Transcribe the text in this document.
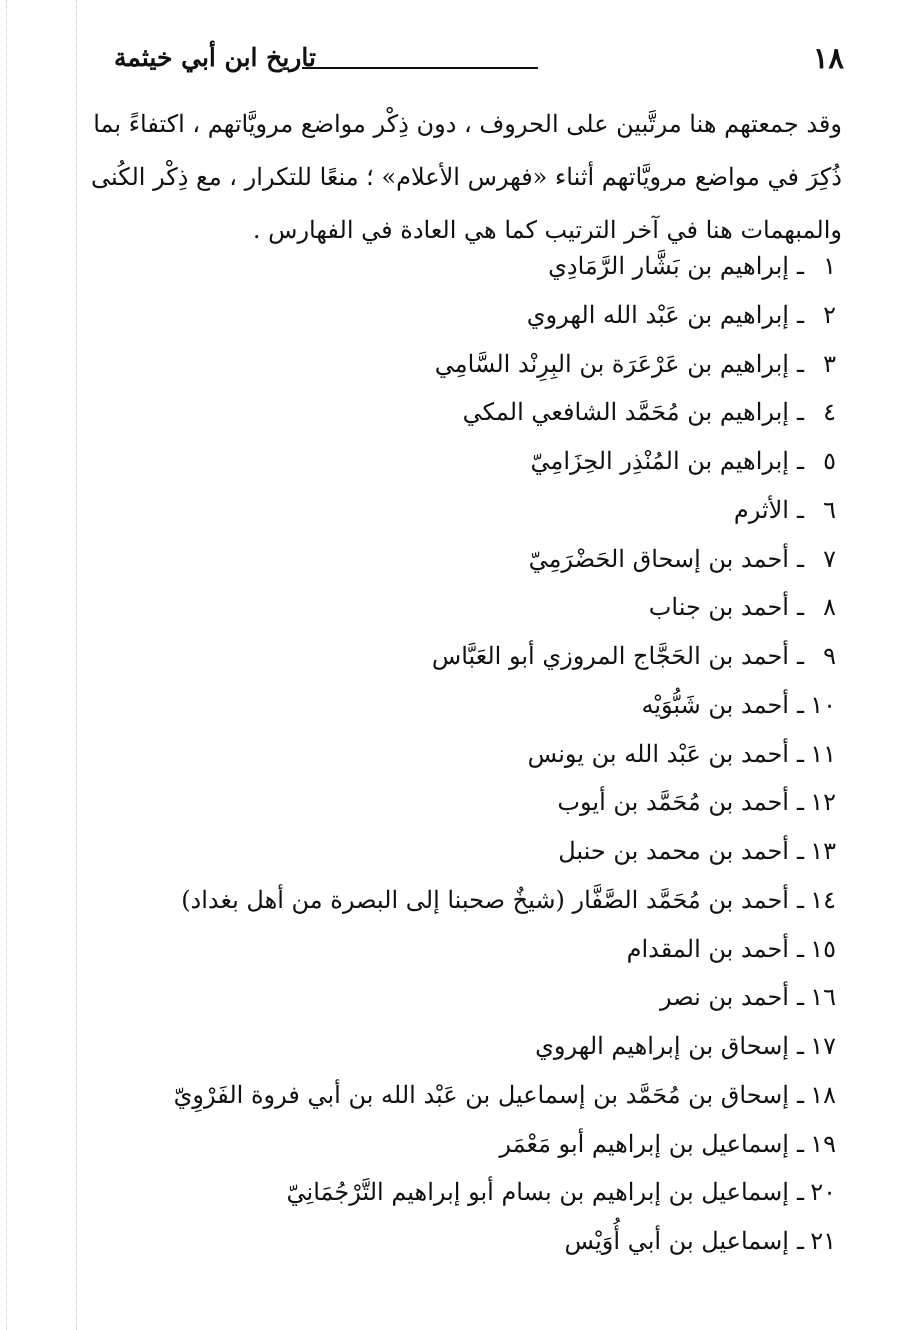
١٨
تاريخ ابن أبي خيثمة
وقد جمعتهم هنا مرتَّبين على الحروف ، دون ذِكْر مواضع مرويَّاتهم ، اكتفاءً بما
ذُكِرَ في مواضع مرويَّاتهم أثناء «فهرس الأعلام» ؛ منعًا للتكرار ، مع ذِكْر الكُنى
والمبهمات هنا في آخر الترتيب كما هي العادة في الفهارس .
١
ـ
إبراهيم بن بَشَّار الرَّمَادِي
٢
ـ
إبراهيم بن عَبْد الله الهروي
٣
ـ
إبراهيم بن عَرْعَرَة بن البِرِنْد السَّامِي
٤
ـ
إبراهيم بن مُحَمَّد الشافعي المكي
٥
ـ
إبراهيم بن المُنْذِر الحِزَامِيّ
٦
ـ
الأثرم
٧
ـ
أحمد بن إسحاق الحَضْرَمِيّ
٨
ـ
أحمد بن جناب
٩
ـ
أحمد بن الحَجَّاج المروزي أبو العَبَّاس
١٠
ـ
أحمد بن شَبُّوَيْه
١١
ـ
أحمد بن عَبْد الله بن يونس
١٢
ـ
أحمد بن مُحَمَّد بن أيوب
١٣
ـ
أحمد بن محمد بن حنبل
١٤
ـ
أحمد بن مُحَمَّد الصَّفَّار (شيخٌ صحبنا إلى البصرة من أهل بغداد)
١٥
ـ
أحمد بن المقدام
١٦
ـ
أحمد بن نصر
١٧
ـ
إسحاق بن إبراهيم الهروي
١٨
ـ
إسحاق بن مُحَمَّد بن إسماعيل بن عَبْد الله بن أبي فروة الفَرْوِيّ
١٩
ـ
إسماعيل بن إبراهيم أبو مَعْمَر
٢٠
ـ
إسماعيل بن إبراهيم بن بسام أبو إبراهيم التَّرْجُمَانِيّ
٢١
ـ
إسماعيل بن أبي أُوَيْس
